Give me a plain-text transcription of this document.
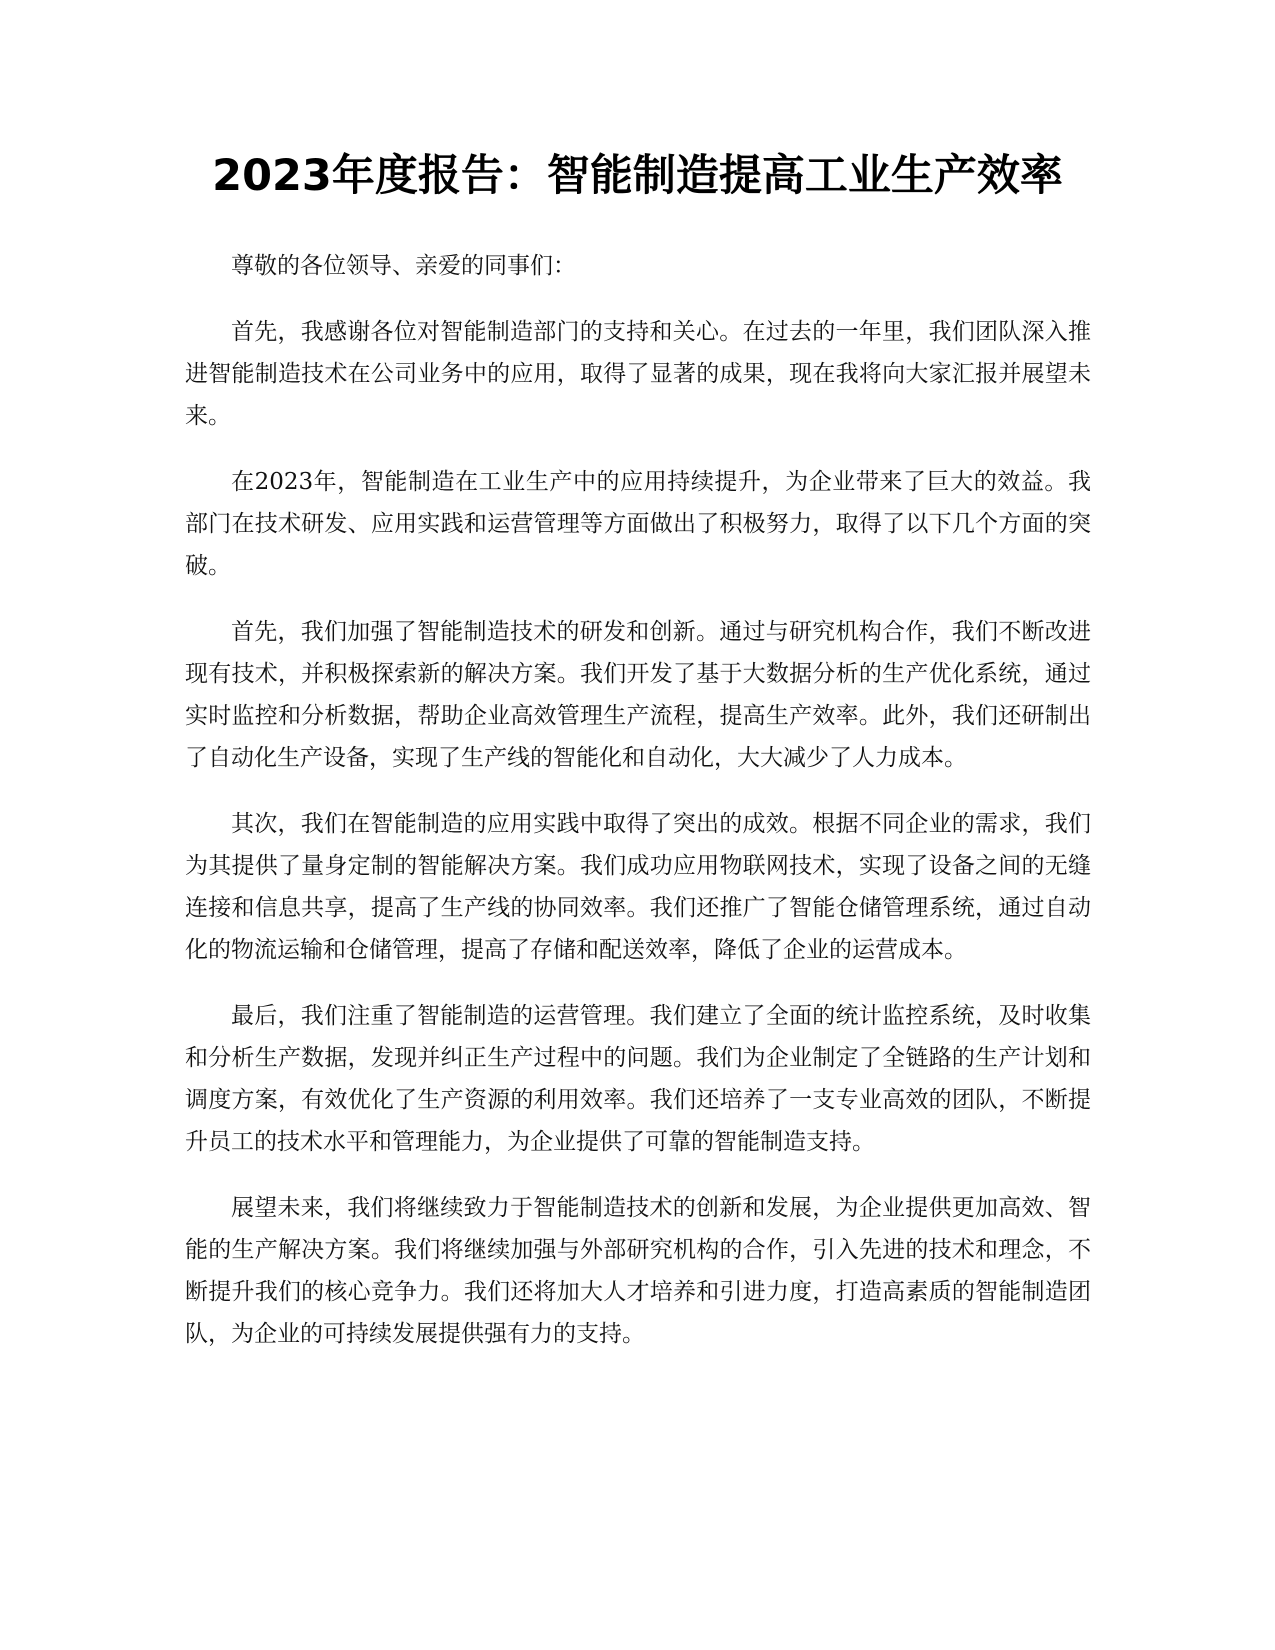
2023年度报告：智能制造提高工业生产效率

尊敬的各位领导、亲爱的同事们：

首先，我感谢各位对智能制造部门的支持和关心。在过去的一年里，我们团队深入推进智能制造技术在公司业务中的应用，取得了显著的成果，现在我将向大家汇报并展望未来。

在2023年，智能制造在工业生产中的应用持续提升，为企业带来了巨大的效益。我部门在技术研发、应用实践和运营管理等方面做出了积极努力，取得了以下几个方面的突破。

首先，我们加强了智能制造技术的研发和创新。通过与研究机构合作，我们不断改进现有技术，并积极探索新的解决方案。我们开发了基于大数据分析的生产优化系统，通过实时监控和分析数据，帮助企业高效管理生产流程，提高生产效率。此外，我们还研制出了自动化生产设备，实现了生产线的智能化和自动化，大大减少了人力成本。

其次，我们在智能制造的应用实践中取得了突出的成效。根据不同企业的需求，我们为其提供了量身定制的智能解决方案。我们成功应用物联网技术，实现了设备之间的无缝连接和信息共享，提高了生产线的协同效率。我们还推广了智能仓储管理系统，通过自动化的物流运输和仓储管理，提高了存储和配送效率，降低了企业的运营成本。

最后，我们注重了智能制造的运营管理。我们建立了全面的统计监控系统，及时收集和分析生产数据，发现并纠正生产过程中的问题。我们为企业制定了全链路的生产计划和调度方案，有效优化了生产资源的利用效率。我们还培养了一支专业高效的团队，不断提升员工的技术水平和管理能力，为企业提供了可靠的智能制造支持。

展望未来，我们将继续致力于智能制造技术的创新和发展，为企业提供更加高效、智能的生产解决方案。我们将继续加强与外部研究机构的合作，引入先进的技术和理念，不断提升我们的核心竞争力。我们还将加大人才培养和引进力度，打造高素质的智能制造团队，为企业的可持续发展提供强有力的支持。
